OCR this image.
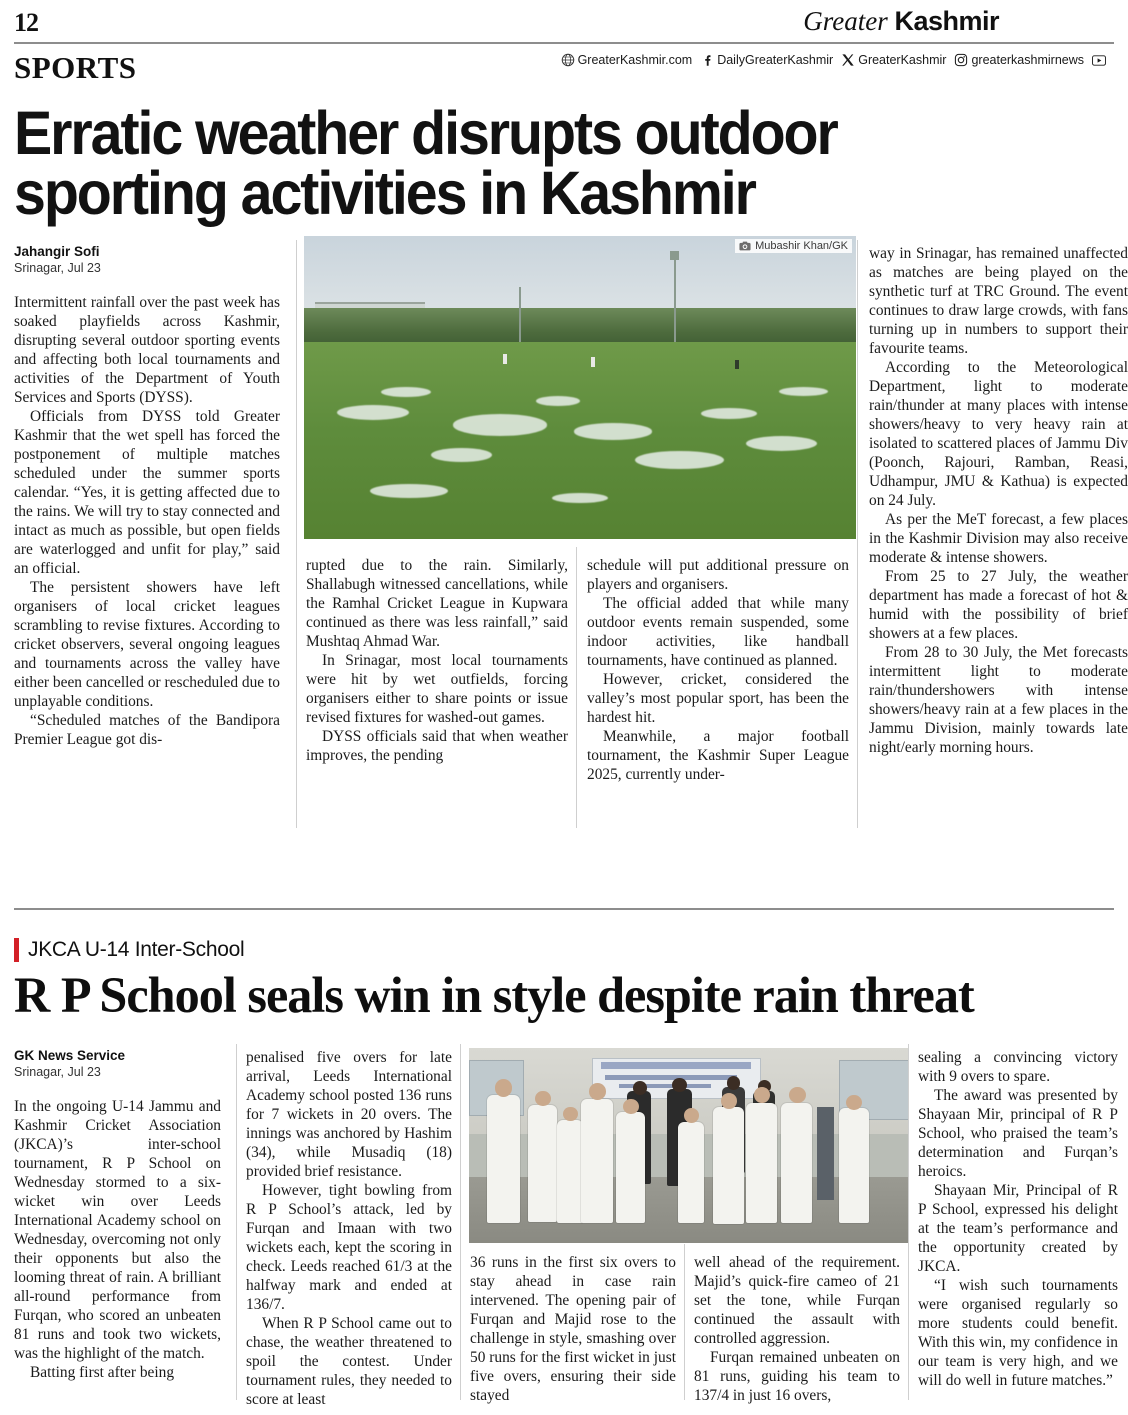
12	Greater Kashmir
SPORTS	GreaterKashmir.com DailyGreaterKashmir GreaterKashmir greaterkashmirnews
Erratic weather disrupts outdoor sporting activities in Kashmir
Mubashir Khan/GK
Jahangir Sofi
Srinagar, Jul 23

Intermittent rainfall over the past week has soaked playfields across Kashmir, disrupting several outdoor sporting events and affecting both local tournaments and activities of the Department of Youth Services and Sports (DYSS).

Officials from DYSS told Greater Kashmir that the wet spell has forced the postponement of multiple matches scheduled under the summer sports calendar. “Yes, it is getting affected due to the rains. We will try to stay connected and intact as much as possible, but open fields are waterlogged and unfit for play,” said an official.

The persistent showers have left organisers of local cricket leagues scrambling to revise fixtures. According to cricket observers, several ongoing leagues and tournaments across the valley have either been cancelled or rescheduled due to unplayable conditions.

“Scheduled matches of the Bandipora Premier League got dis-

rupted due to the rain. Similarly, Shallabugh witnessed cancellations, while the Ramhal Cricket League in Kupwara continued as there was less rainfall,” said Mushtaq Ahmad War.

In Srinagar, most local tournaments were hit by wet outfields, forcing organisers either to share points or issue revised fixtures for washed-out games.

DYSS officials said that when weather improves, the pending

schedule will put additional pressure on players and organisers.

The official added that while many outdoor events remain suspended, some indoor activities, like handball tournaments, have continued as planned.

However, cricket, considered the valley’s most popular sport, has been the hardest hit.

Meanwhile, a major football tournament, the Kashmir Super League 2025, currently under-

way in Srinagar, has remained unaffected as matches are being played on the synthetic turf at TRC Ground. The event continues to draw large crowds, with fans turning up in numbers to support their favourite teams.

According to the Meteorological Department, light to moderate rain/thunder at many places with intense showers/heavy to very heavy rain at isolated to scattered places of Jammu Div (Poonch, Rajouri, Ramban, Reasi, Udhampur, JMU & Kathua) is expected on 24 July.

As per the MeT forecast, a few places in the Kashmir Division may also receive moderate & intense showers.

From 25 to 27 July, the weather department has made a forecast of hot & humid with the possibility of brief showers at a few places.

From 28 to 30 July, the Met forecasts intermittent light to moderate rain/thundershowers with intense showers/heavy rain at a few places in the Jammu Division, mainly towards late night/early morning hours.

JKCA U-14 Inter-School
R P School seals win in style despite rain threat
GK News Service
Srinagar, Jul 23

In the ongoing U-14 Jammu and Kashmir Cricket Association (JKCA)’s inter-school tournament, R P School on Wednesday stormed to a six-wicket win over Leeds International Academy school on Wednesday, overcoming not only their opponents but also the looming threat of rain. A brilliant all-round performance from Furqan, who scored an unbeaten 81 runs and took two wickets, was the highlight of the match.

Batting first after being

penalised five overs for late arrival, Leeds International Academy school posted 136 runs for 7 wickets in 20 overs. The innings was anchored by Hashim (34), while Musadiq (18) provided brief resistance.

However, tight bowling from R P School’s attack, led by Furqan and Imaan with two wickets each, kept the scoring in check. Leeds reached 61/3 at the halfway mark and ended at 136/7.

When R P School came out to chase, the weather threatened to spoil the contest. Under tournament rules, they needed to score at least

36 runs in the first six overs to stay ahead in case rain intervened. The opening pair of Furqan and Majid rose to the challenge in style, smashing over 50 runs for the first wicket in just five overs, ensuring their side stayed

well ahead of the requirement. Majid’s quick-fire cameo of 21 set the tone, while Furqan continued the assault with controlled aggression.

Furqan remained unbeaten on 81 runs, guiding his team to 137/4 in just 16 overs,

sealing a convincing victory with 9 overs to spare.

The award was presented by Shayaan Mir, principal of R P School, who praised the team’s determination and Furqan’s heroics.

Shayaan Mir, Principal of R P School, expressed his delight at the team’s performance and the opportunity created by JKCA.

“I wish such tournaments were organised regularly so more students could benefit. With this win, my confidence in our team is very high, and we will do well in future matches.”
